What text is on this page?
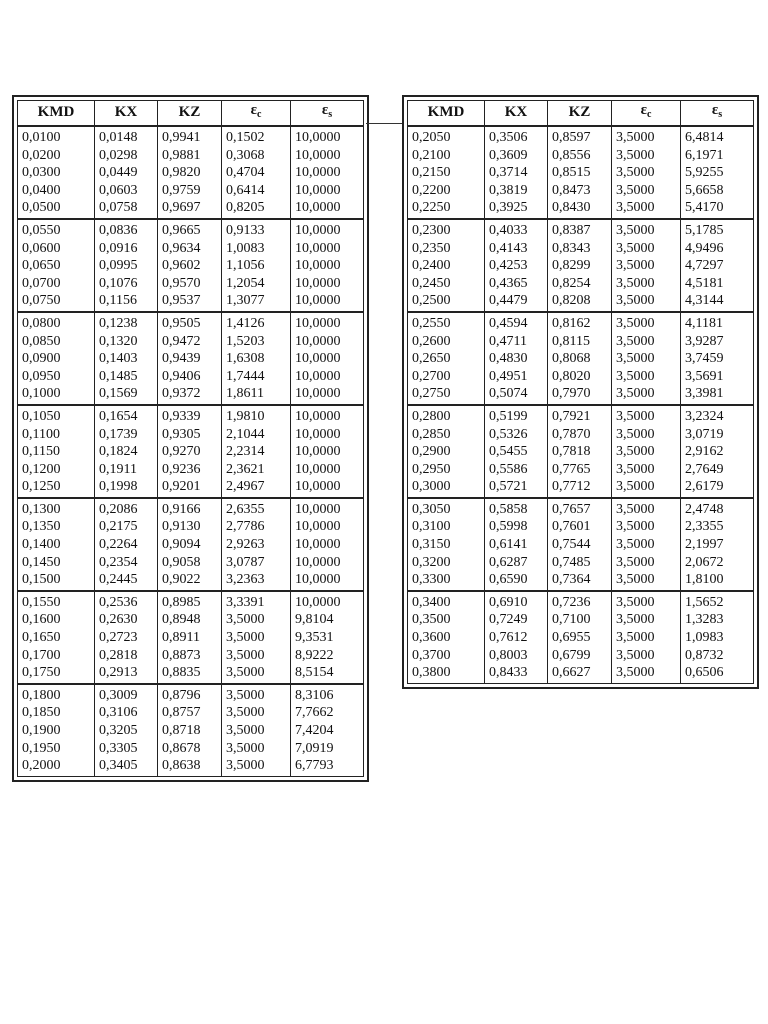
KMD	KX	KZ	$\varepsilon_c$	$\varepsilon_s$
0,0100	0,0148	0,9941	0,1502	10,0000
0,0200	0,0298	0,9881	0,3068	10,0000
0,0300	0,0449	0,9820	0,4704	10,0000
0,0400	0,0603	0,9759	0,6414	10,0000
0,0500	0,0758	0,9697	0,8205	10,0000
0,0550	0,0836	0,9665	0,9133	10,0000
0,0600	0,0916	0,9634	1,0083	10,0000
0,0650	0,0995	0,9602	1,1056	10,0000
0,0700	0,1076	0,9570	1,2054	10,0000
0,0750	0,1156	0,9537	1,3077	10,0000
0,0800	0,1238	0,9505	1,4126	10,0000
0,0850	0,1320	0,9472	1,5203	10,0000
0,0900	0,1403	0,9439	1,6308	10,0000
0,0950	0,1485	0,9406	1,7444	10,0000
0,1000	0,1569	0,9372	1,8611	10,0000
0,1050	0,1654	0,9339	1,9810	10,0000
0,1100	0,1739	0,9305	2,1044	10,0000
0,1150	0,1824	0,9270	2,2314	10,0000
0,1200	0,1911	0,9236	2,3621	10,0000
0,1250	0,1998	0,9201	2,4967	10,0000
0,1300	0,2086	0,9166	2,6355	10,0000
0,1350	0,2175	0,9130	2,7786	10,0000
0,1400	0,2264	0,9094	2,9263	10,0000
0,1450	0,2354	0,9058	3,0787	10,0000
0,1500	0,2445	0,9022	3,2363	10,0000
0,1550	0,2536	0,8985	3,3391	10,0000
0,1600	0,2630	0,8948	3,5000	9,8104
0,1650	0,2723	0,8911	3,5000	9,3531
0,1700	0,2818	0,8873	3,5000	8,9222
0,1750	0,2913	0,8835	3,5000	8,5154
0,1800	0,3009	0,8796	3,5000	8,3106
0,1850	0,3106	0,8757	3,5000	7,7662
0,1900	0,3205	0,8718	3,5000	7,4204
0,1950	0,3305	0,8678	3,5000	7,0919
0,2000	0,3405	0,8638	3,5000	6,7793
KMD	KX	KZ	$\varepsilon_c$	$\varepsilon_s$
0,2050	0,3506	0,8597	3,5000	6,4814
0,2100	0,3609	0,8556	3,5000	6,1971
0,2150	0,3714	0,8515	3,5000	5,9255
0,2200	0,3819	0,8473	3,5000	5,6658
0,2250	0,3925	0,8430	3,5000	5,4170
0,2300	0,4033	0,8387	3,5000	5,1785
0,2350	0,4143	0,8343	3,5000	4,9496
0,2400	0,4253	0,8299	3,5000	4,7297
0,2450	0,4365	0,8254	3,5000	4,5181
0,2500	0,4479	0,8208	3,5000	4,3144
0,2550	0,4594	0,8162	3,5000	4,1181
0,2600	0,4711	0,8115	3,5000	3,9287
0,2650	0,4830	0,8068	3,5000	3,7459
0,2700	0,4951	0,8020	3,5000	3,5691
0,2750	0,5074	0,7970	3,5000	3,3981
0,2800	0,5199	0,7921	3,5000	3,2324
0,2850	0,5326	0,7870	3,5000	3,0719
0,2900	0,5455	0,7818	3,5000	2,9162
0,2950	0,5586	0,7765	3,5000	2,7649
0,3000	0,5721	0,7712	3,5000	2,6179
0,3050	0,5858	0,7657	3,5000	2,4748
0,3100	0,5998	0,7601	3,5000	2,3355
0,3150	0,6141	0,7544	3,5000	2,1997
0,3200	0,6287	0,7485	3,5000	2,0672
0,3300	0,6590	0,7364	3,5000	1,8100
0,3400	0,6910	0,7236	3,5000	1,5652
0,3500	0,7249	0,7100	3,5000	1,3283
0,3600	0,7612	0,6955	3,5000	1,0983
0,3700	0,8003	0,6799	3,5000	0,8732
0,3800	0,8433	0,6627	3,5000	0,6506
